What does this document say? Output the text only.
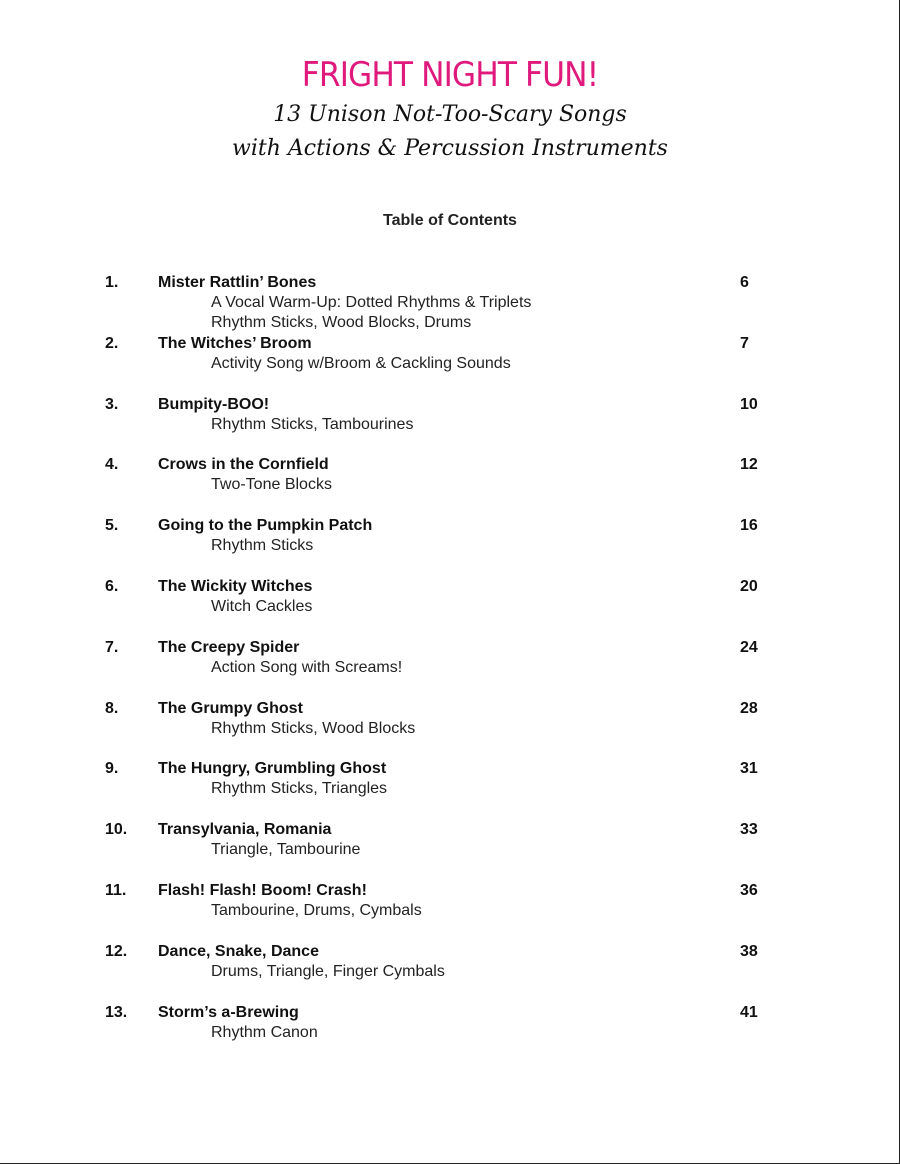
FRIGHT NIGHT FUN!
13 Unison Not-Too-Scary Songs
with Actions & Percussion Instruments
Table of Contents
1. Mister Rattlin’ Bones	6
A Vocal Warm-Up: Dotted Rhythms & Triplets
Rhythm Sticks, Wood Blocks, Drums
2. The Witches’ Broom	7
Activity Song w/Broom & Cackling Sounds
3. Bumpity-BOO!	10
Rhythm Sticks, Tambourines
4. Crows in the Cornfield	12
Two-Tone Blocks
5. Going to the Pumpkin Patch	16
Rhythm Sticks
6. The Wickity Witches	20
Witch Cackles
7. The Creepy Spider	24
Action Song with Screams!
8. The Grumpy Ghost	28
Rhythm Sticks, Wood Blocks
9. The Hungry, Grumbling Ghost	31
Rhythm Sticks, Triangles
10. Transylvania, Romania	33
Triangle, Tambourine
11. Flash! Flash! Boom! Crash!	36
Tambourine, Drums, Cymbals
12. Dance, Snake, Dance	38
Drums, Triangle, Finger Cymbals
13. Storm’s a-Brewing	41
Rhythm Canon
